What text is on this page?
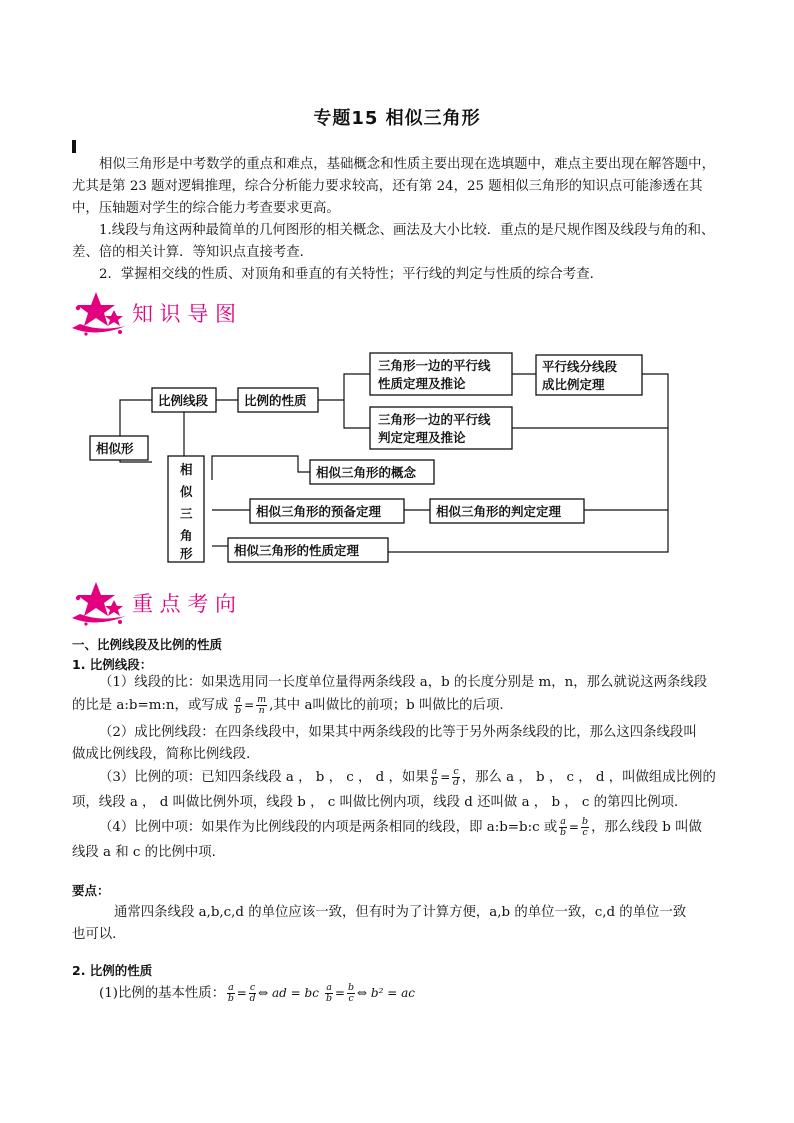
专题15 相似三角形
相似三角形是中考数学的重点和难点，基础概念和性质主要出现在选填题中，难点主要出现在解答题中，尤其是第 23 题对逻辑推理，综合分析能力要求较高，还有第 24，25 题相似三角形的知识点可能渗透在其中，压轴题对学生的综合能力考查要求更高。
1.线段与角这两种最简单的几何图形的相关概念、画法及大小比较．重点的是尺规作图及线段与角的和、差、倍的相关计算．等知识点直接考查．
2．掌握相交线的性质、对顶角和垂直的有关特性；平行线的判定与性质的综合考查．
知 识 导 图
相似形
比例线段	比例的性质
三角形一边的平行线
性质定理及推论
三角形一边的平行线
判定定理及推论
平行线分线段
成比例定理
相
似
三
角
形
相似三角形的概念
相似三角形的预备定理	相似三角形的判定定理
相似三角形的性质定理
重 点 考 向
一、比例线段及比例的性质
1. 比例线段：
（1）线段的比：如果选用同一长度单位量得两条线段 a，b 的长度分别是 m，n，那么就说这两条线段
的比是 a:b=m:n，或写成 $\frac{a}{b} = \frac{m}{n}$ ,其中 a叫做比的前项；b 叫做比的后项.
（2）成比例线段：在四条线段中，如果其中两条线段的比等于另外两条线段的比，那么这四条线段叫
做成比例线段，简称比例线段．
（3）比例的项：已知四条线段 a ， b ， c ， d ，如果 $\frac{a}{b} = \frac{c}{d}$ ，那么 a ， b ， c ， d ，叫做组成比例的
项，线段 a ， d 叫做比例外项，线段 b ， c 叫做比例内项，线段 d 还叫做 a ， b ， c 的第四比例项．
（4）比例中项：如果作为比例线段的内项是两条相同的线段，即 a:b=b:c 或 $\frac{a}{b} = \frac{b}{c}$ ，那么线段 b 叫做
线段 a 和 c 的比例中项．
要点：
通常四条线段 a,b,c,d 的单位应该一致，但有时为了计算方便，a,b 的单位一致，c,d 的单位一致
也可以.
2. 比例的性质
(1)比例的基本性质： $\frac{a}{b} = \frac{c}{d}$ ⇔ ad = bc $\frac{a}{b} = \frac{b}{c}$ ⇔ b² = ac
